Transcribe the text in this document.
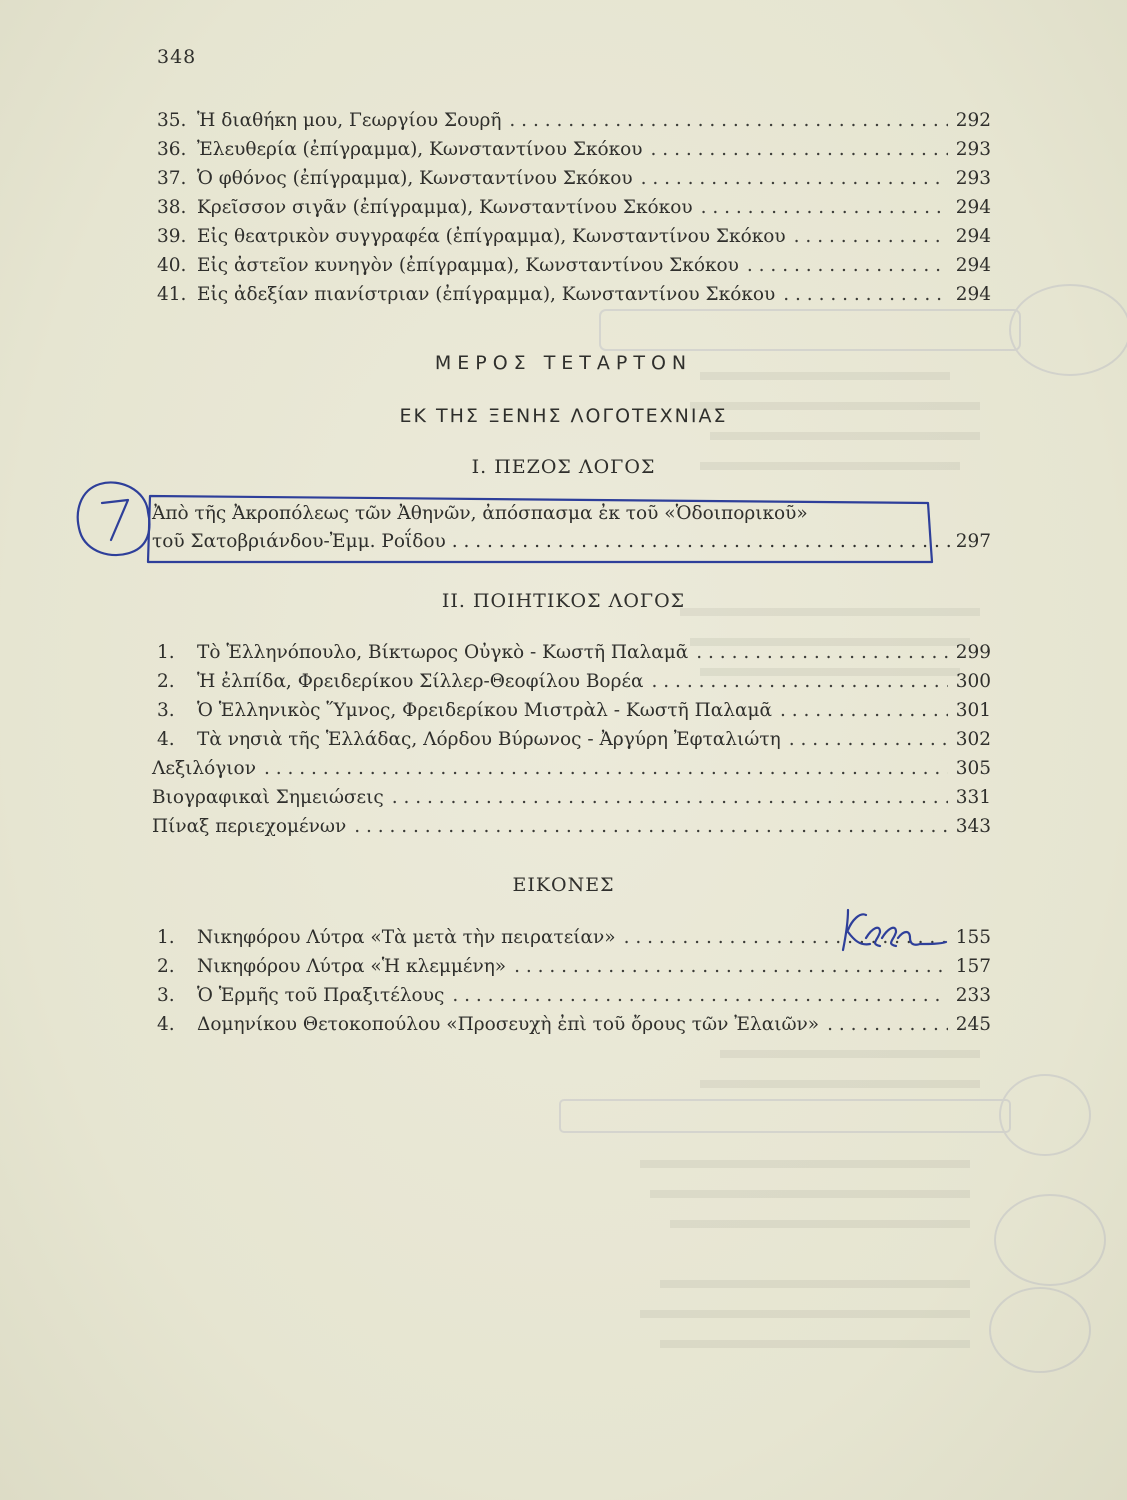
348
35. Ἡ διαθήκη μου, Γεωργίου Σουρῆ . . .	292
36. Ἐλευθερία (ἐπίγραμμα), Κωνσταντίνου Σκόκου . . .	293
37. Ὁ φθόνος (ἐπίγραμμα), Κωνσταντίνου Σκόκου . . .	293
38. Κρεῖσσον σιγᾶν (ἐπίγραμμα), Κωνσταντίνου Σκόκου . . .	294
39. Εἰς θεατρικὸν συγγραφέα (ἐπίγραμμα), Κωνσταντίνου Σκόκου . . .	294
40. Εἰς ἀστεῖον κυνηγὸν (ἐπίγραμμα), Κωνσταντίνου Σκόκου . . .	294
41. Εἰς ἀδεξίαν πιανίστριαν (ἐπίγραμμα), Κωνσταντίνου Σκόκου . . .	294
ΜΕΡΟΣ ΤΕΤΑΡΤΟΝ
ΕΚ ΤΗΣ ΞΕΝΗΣ ΛΟΓΟΤΕΧΝΙΑΣ
I. ΠΕΖΟΣ ΛΟΓΟΣ
Ἀπὸ τῆς Ἀκροπόλεως τῶν Ἀθηνῶν, ἀπόσπασμα ἐκ τοῦ «Ὁδοιπορικοῦ»
τοῦ Σατοβριάνδου-Ἐμμ. Ροΐδου . . .	297
II. ΠΟΙΗΤΙΚΟΣ ΛΟΓΟΣ
1.	Τὸ Ἑλληνόπουλο, Βίκτωρος Οὐγκὸ - Κωστῆ Παλαμᾶ . . .	299
2.	Ἡ ἐλπίδα, Φρειδερίκου Σίλλερ-Θεοφίλου Βορέα . . .	300
3.	Ὁ Ἑλληνικὸς Ὕμνος, Φρειδερίκου Μιστρὰλ - Κωστῆ Παλαμᾶ . . .	301
4.	Τὰ νησιὰ τῆς Ἑλλάδας, Λόρδου Βύρωνος - Ἀργύρη Ἐφταλιώτη . . .	302
Λεξιλόγιον . . .	305
Βιογραφικαὶ Σημειώσεις . . .	331
Πίναξ περιεχομένων . . .	343
ΕΙΚΟΝΕΣ
1.	Νικηφόρου Λύτρα «Τὰ μετὰ τὴν πειρατείαν» . . .	155
2.	Νικηφόρου Λύτρα «Ἡ κλεμμένη» . . .	157
3.	Ὁ Ἑρμῆς τοῦ Πραξιτέλους . . .	233
4.	Δομηνίκου Θετοκοπούλου «Προσευχὴ ἐπὶ τοῦ ὄρους τῶν Ἐλαιῶν» . . .	245
